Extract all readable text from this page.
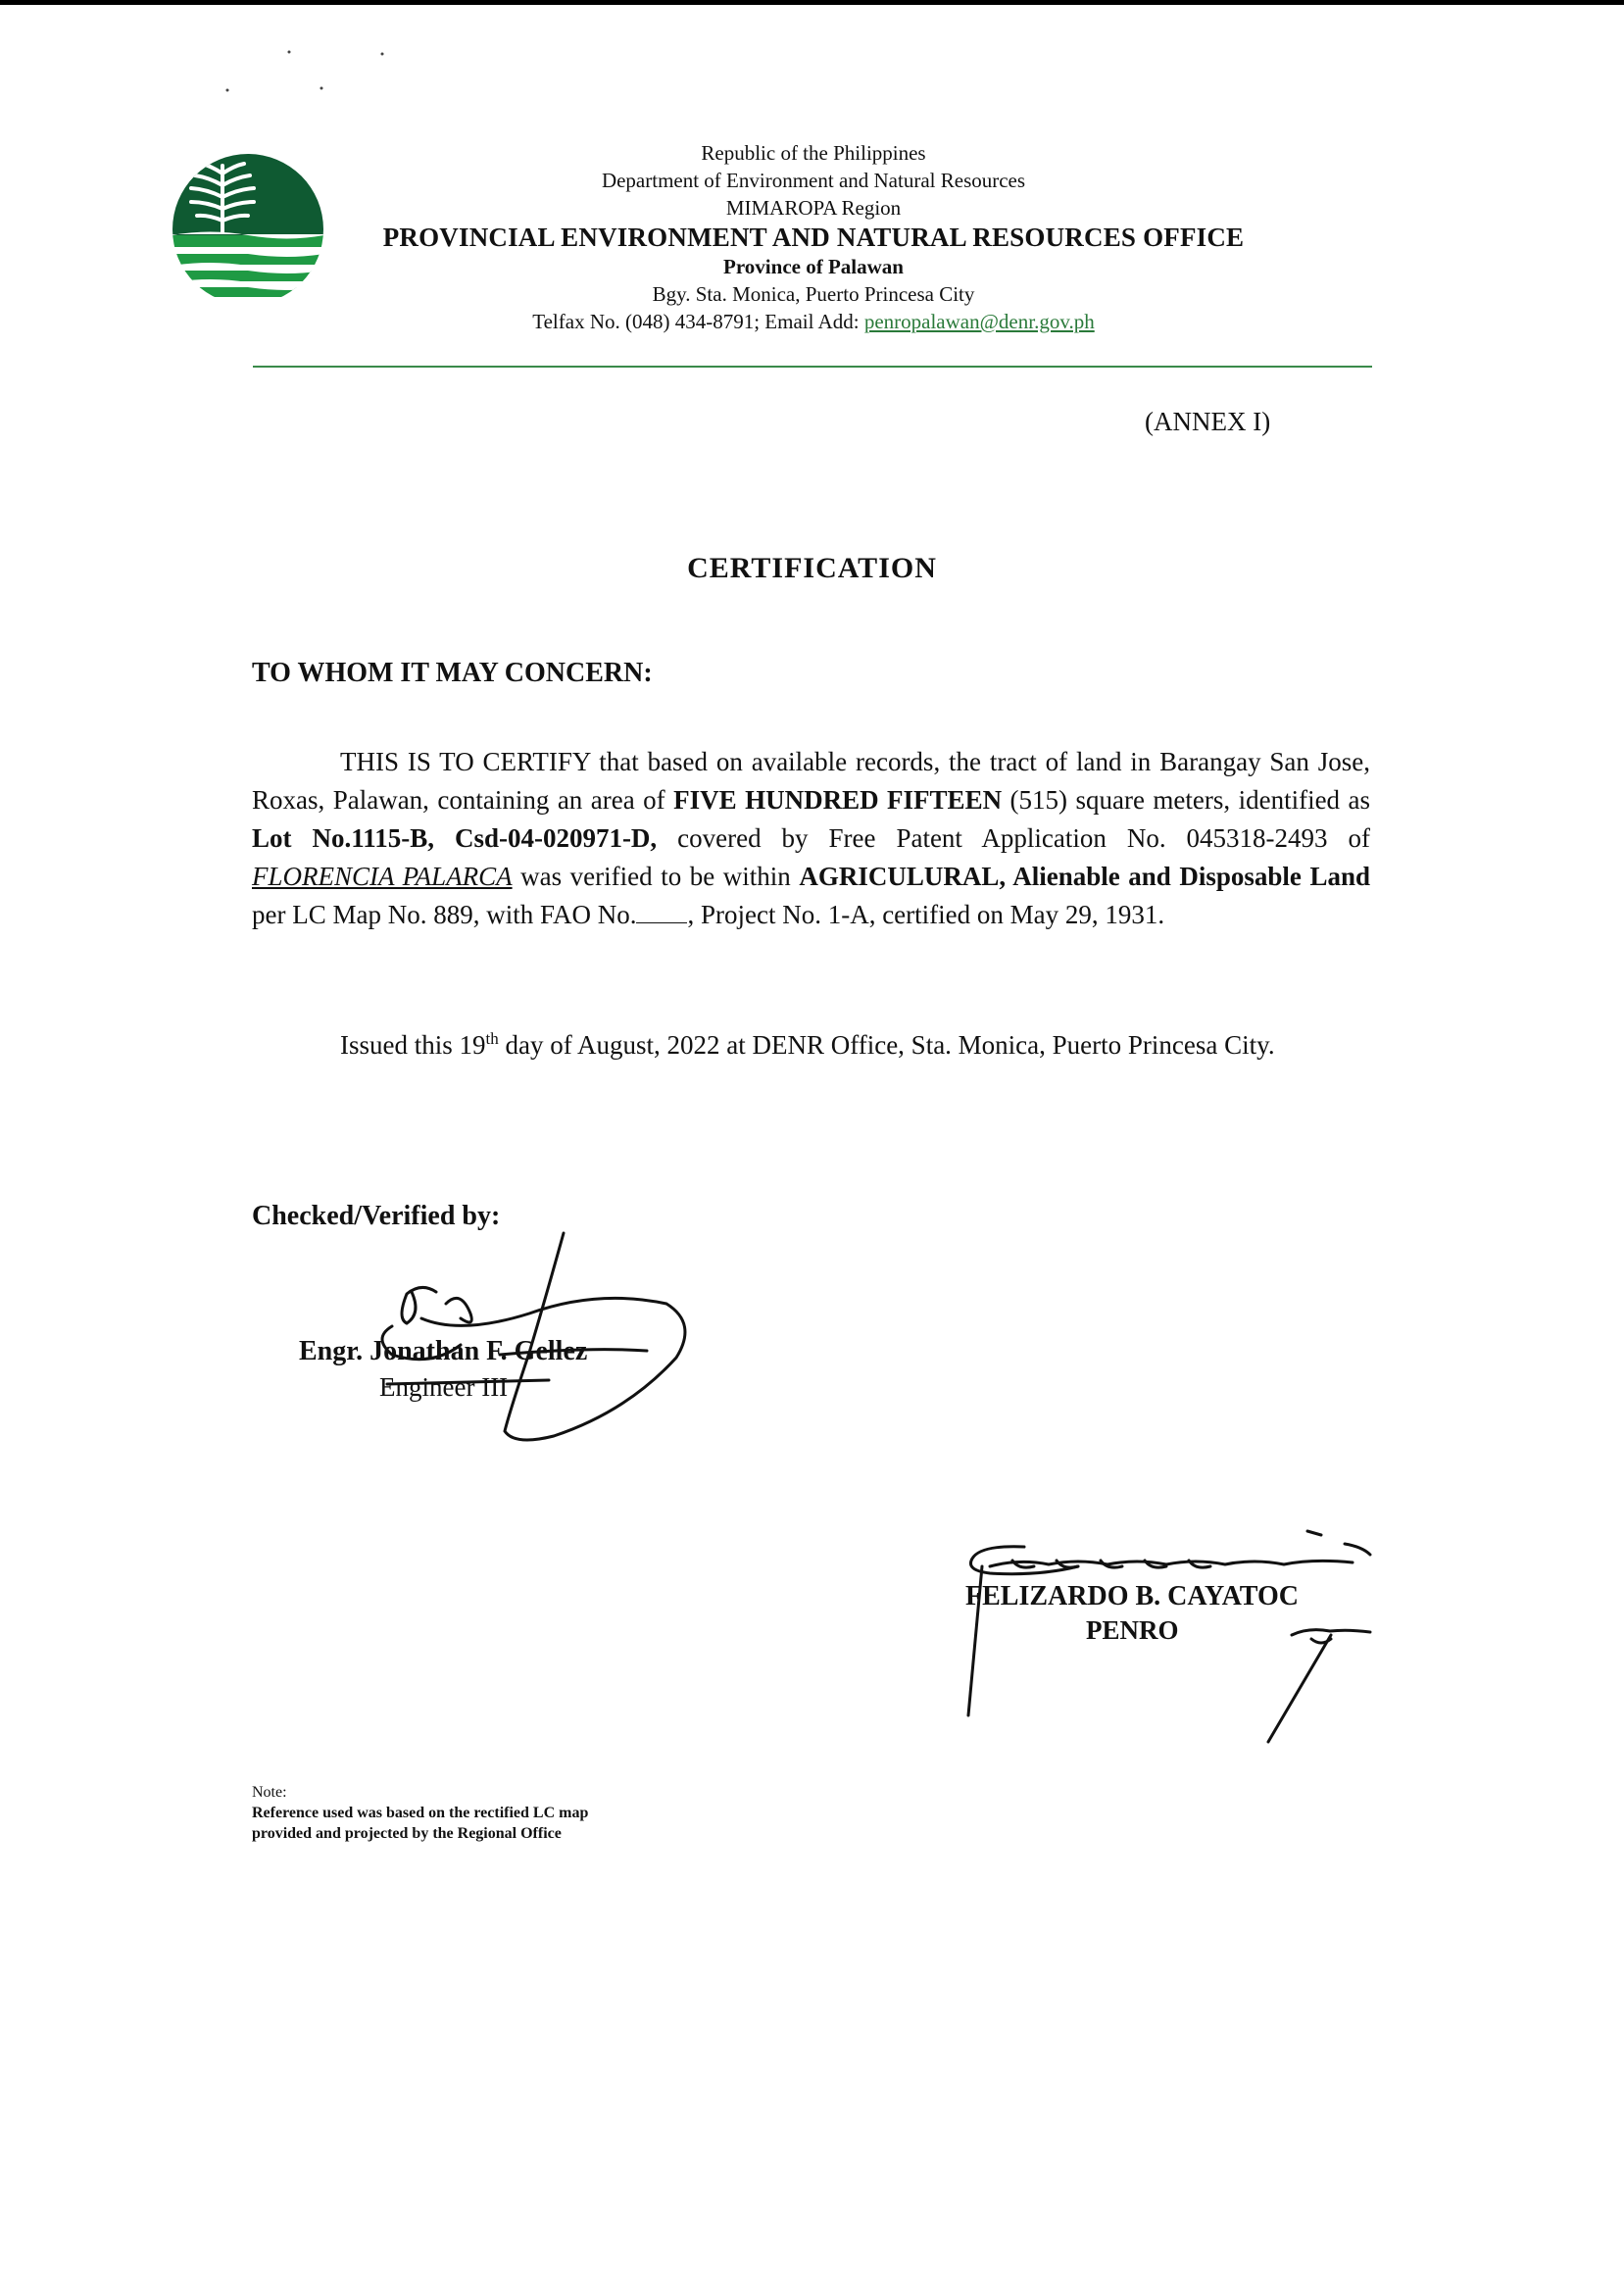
Republic of the Philippines
Department of Environment and Natural Resources
MIMAROPA Region
PROVINCIAL ENVIRONMENT AND NATURAL RESOURCES OFFICE
Province of Palawan
Bgy. Sta. Monica, Puerto Princesa City
Telfax No. (048) 434-8791; Email Add: penropalawan@denr.gov.ph
(ANNEX I)
CERTIFICATION
TO WHOM IT MAY CONCERN:
THIS IS TO CERTIFY that based on available records, the tract of land in Barangay San Jose, Roxas, Palawan, containing an area of FIVE HUNDRED FIFTEEN (515) square meters, identified as Lot No.1115-B, Csd-04-020971-D, covered by Free Patent Application No. 045318-2493 of FLORENCIA PALARCA was verified to be within AGRICULURAL, Alienable and Disposable Land per LC Map No. 889, with FAO No. , Project No. 1-A, certified on May 29, 1931.
Issued this 19th day of August, 2022 at DENR Office, Sta. Monica, Puerto Princesa City.
Checked/Verified by:
Engr. Jonathan F. Gellez
Engineer III
FELIZARDO B. CAYATOC
PENRO
Note:
Reference used was based on the rectified LC map
provided and projected by the Regional Office
